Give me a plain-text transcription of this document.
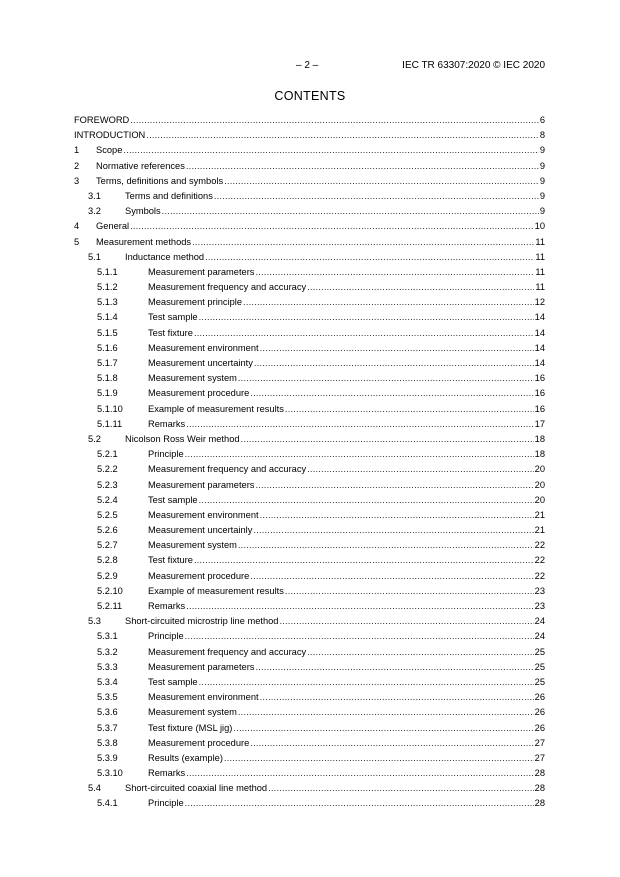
– 2 –	IEC TR 63307:2020 © IEC 2020
CONTENTS
FOREWORD .....	6
INTRODUCTION .....	8
1 Scope .....	9
2 Normative references .....	9
3 Terms, definitions and symbols .....	9
3.1	Terms and definitions .....	9
3.2	Symbols .....	9
4 General .....	10
5 Measurement methods .....	11
5.1	Inductance method .....	11
5.1.1	Measurement parameters .....	11
5.1.2	Measurement frequency and accuracy .....	11
5.1.3	Measurement principle .....	12
5.1.4	Test sample .....	14
5.1.5	Test fixture .....	14
5.1.6	Measurement environment .....	14
5.1.7	Measurement uncertainty .....	14
5.1.8	Measurement system .....	16
5.1.9	Measurement procedure .....	16
5.1.10	Example of measurement results .....	16
5.1.11	Remarks .....	17
5.2	Nicolson Ross Weir method .....	18
5.2.1	Principle .....	18
5.2.2	Measurement frequency and accuracy .....	20
5.2.3	Measurement parameters .....	20
5.2.4	Test sample .....	20
5.2.5	Measurement environment .....	21
5.2.6	Measurement uncertainly .....	21
5.2.7	Measurement system .....	22
5.2.8	Test fixture .....	22
5.2.9	Measurement procedure .....	22
5.2.10	Example of measurement results .....	23
5.2.11	Remarks .....	23
5.3	Short-circuited microstrip line method .....	24
5.3.1	Principle .....	24
5.3.2	Measurement frequency and accuracy .....	25
5.3.3	Measurement parameters .....	25
5.3.4	Test sample .....	25
5.3.5	Measurement environment .....	26
5.3.6	Measurement system .....	26
5.3.7	Test fixture (MSL jig) .....	26
5.3.8	Measurement procedure .....	27
5.3.9	Results (example) .....	27
5.3.10	Remarks .....	28
5.4	Short-circuited coaxial line method .....	28
5.4.1	Principle .....	28
